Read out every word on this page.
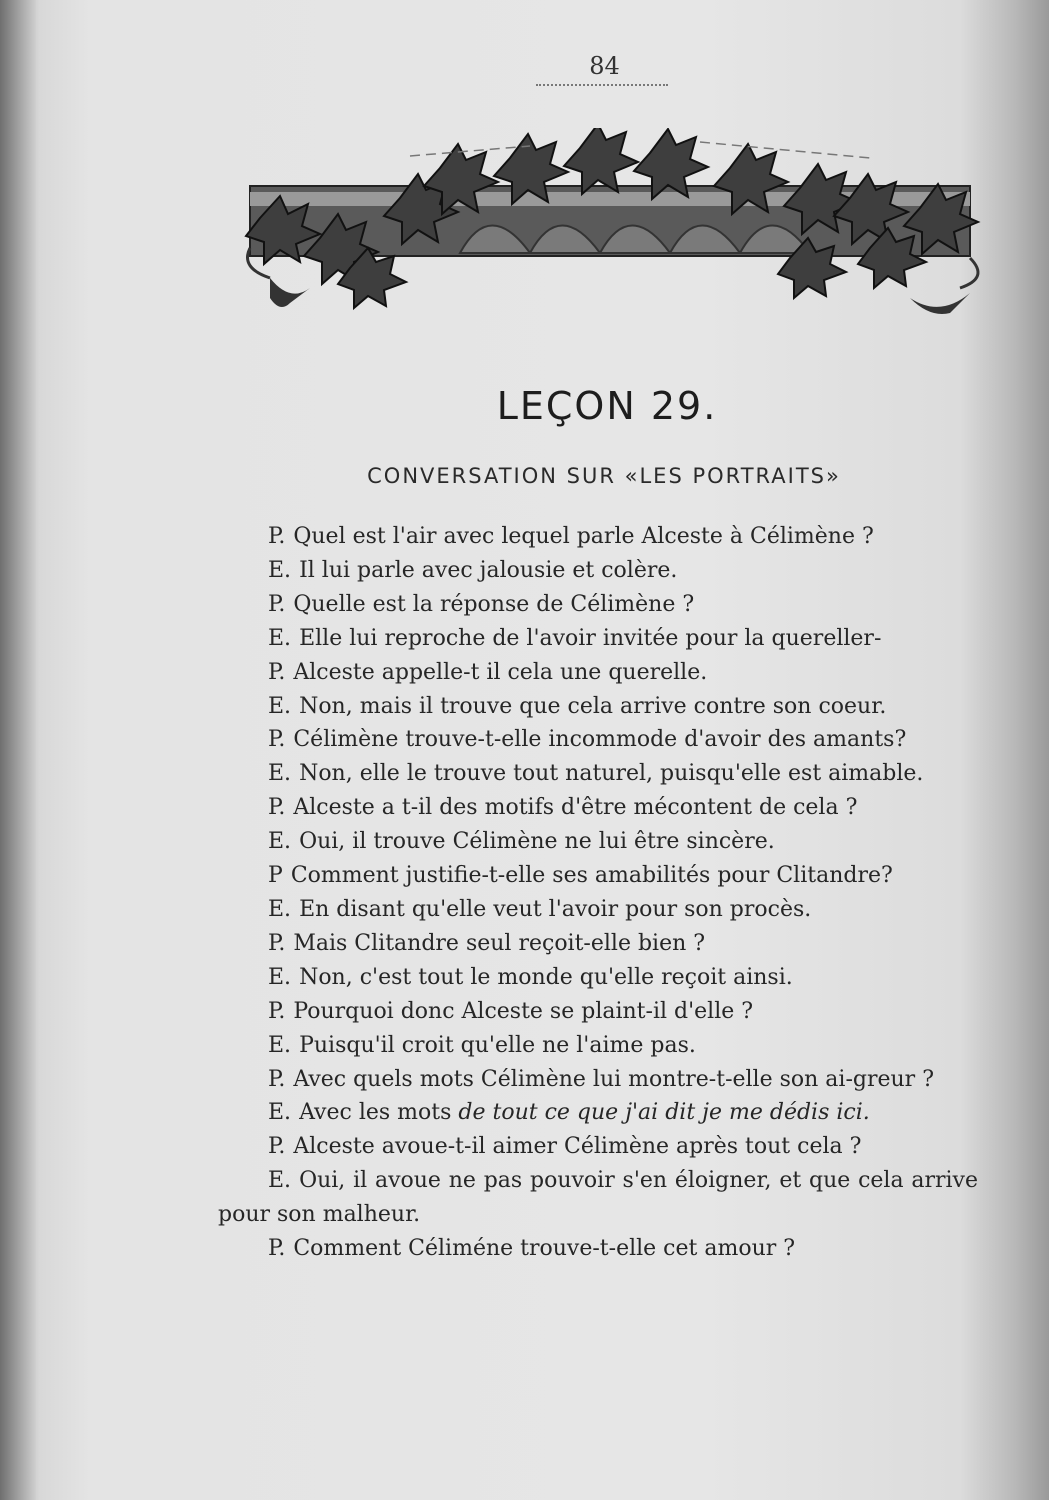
84
LEÇON 29.
CONVERSATION SUR «LES PORTRAITS»
P. Quel est l'air avec lequel parle Alceste à Célimène ?
E. Il lui parle avec jalousie et colère.
P. Quelle est la réponse de Célimène ?
E. Elle lui reproche de l'avoir invitée pour la quereller-
P. Alceste appelle-t il cela une querelle.
E. Non, mais il trouve que cela arrive contre son coeur.
P. Célimène trouve-t-elle incommode d'avoir des amants?
E. Non, elle le trouve tout naturel, puisqu'elle est aimable.
P. Alceste a t-il des motifs d'être mécontent de cela ?
E. Oui, il trouve Célimène ne lui être sincère.
P Comment justifie-t-elle ses amabilités pour Clitandre?
E. En disant qu'elle veut l'avoir pour son procès.
P. Mais Clitandre seul reçoit-elle bien ?
E. Non, c'est tout le monde qu'elle reçoit ainsi.
P. Pourquoi donc Alceste se plaint-il d'elle ?
E. Puisqu'il croit qu'elle ne l'aime pas.
P. Avec quels mots Célimène lui montre-t-elle son ai-greur ?
E. Avec les mots de tout ce que j'ai dit je me dédis ici.
P. Alceste avoue-t-il aimer Célimène après tout cela ?
E. Oui, il avoue ne pas pouvoir s'en éloigner, et que cela arrive pour son malheur.
P. Comment Céliméne trouve-t-elle cet amour ?
